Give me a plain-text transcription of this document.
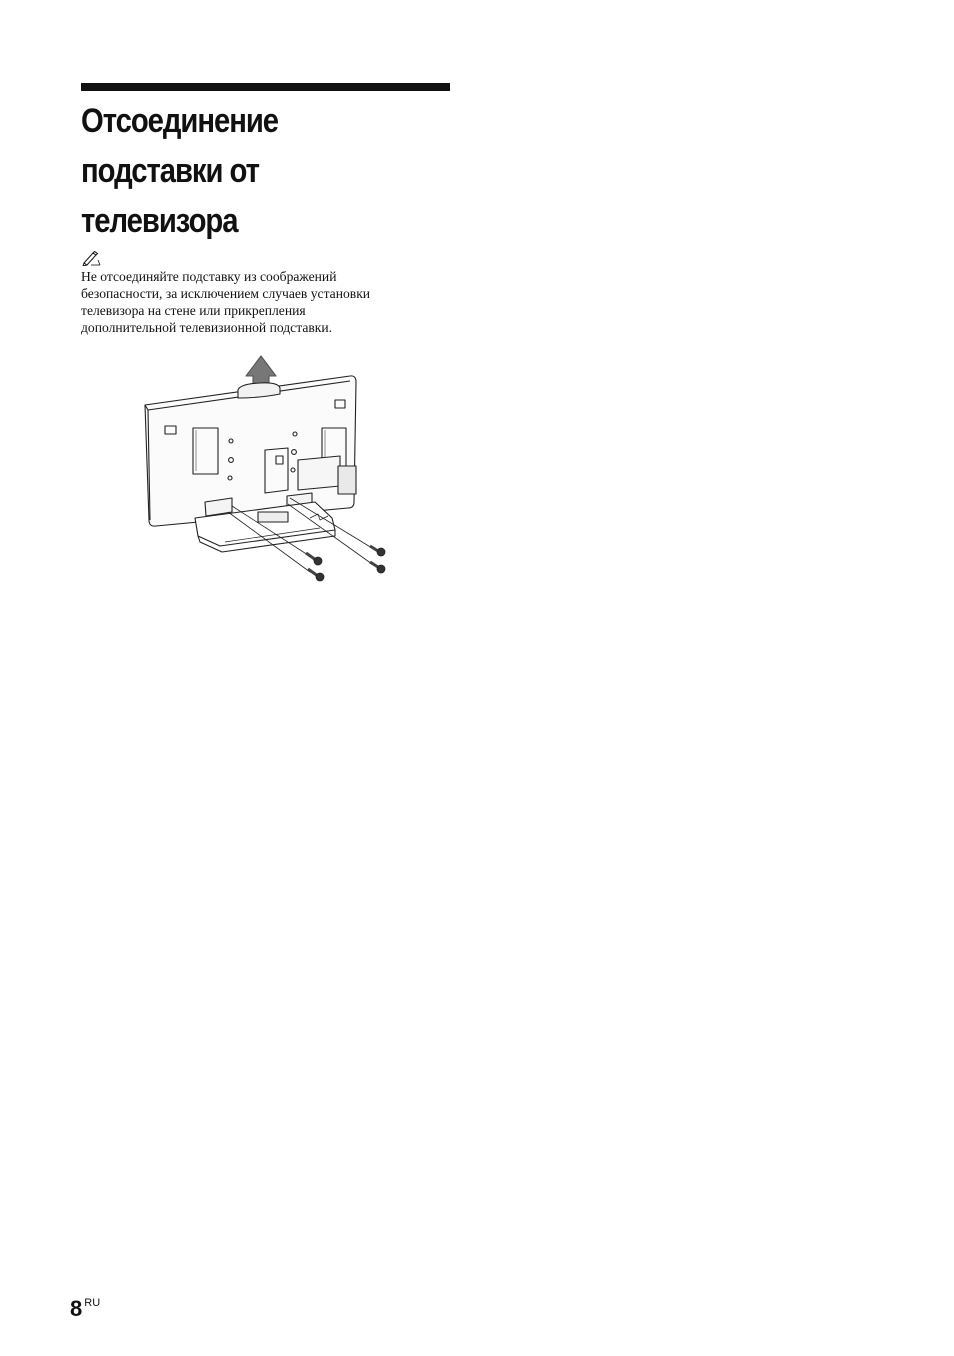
Отсоединение
подставки от
телевизора

Не отсоединяйте подставку из соображений
безопасности, за исключением случаев установки
телевизора на стене или прикрепления
дополнительной телевизионной подставки.

8 $^{RU}$
